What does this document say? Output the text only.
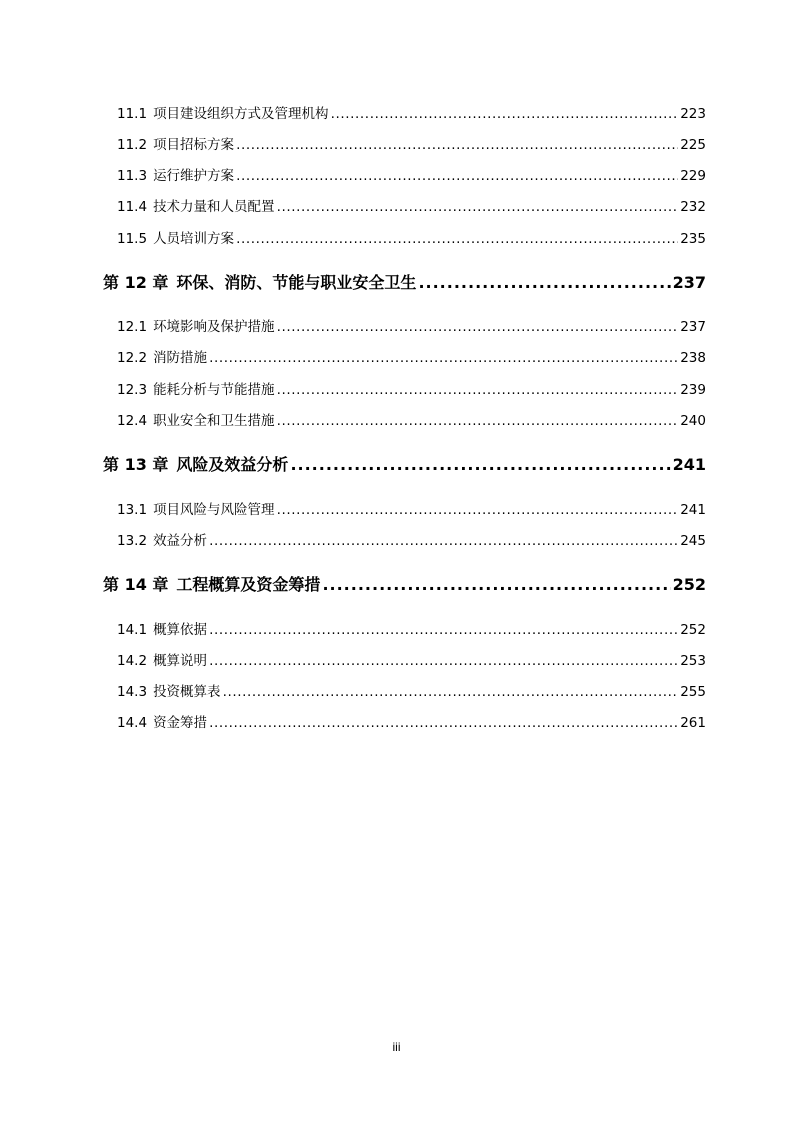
11.1 项目建设组织方式及管理机构 .....	223
11.2 项目招标方案 .....	225
11.3 运行维护方案 .....	229
11.4 技术力量和人员配置 .....	232
11.5 人员培训方案 .....	235
第 12 章 环保、消防、节能与职业安全卫生 .....	237
12.1 环境影响及保护措施 .....	237
12.2 消防措施 .....	238
12.3 能耗分析与节能措施 .....	239
12.4 职业安全和卫生措施 .....	240
第 13 章 风险及效益分析 .....	241
13.1 项目风险与风险管理 .....	241
13.2 效益分析 .....	245
第 14 章 工程概算及资金筹措 .....	252
14.1 概算依据 .....	252
14.2 概算说明 .....	253
14.3 投资概算表 .....	255
14.4 资金筹措 .....	261
iii
